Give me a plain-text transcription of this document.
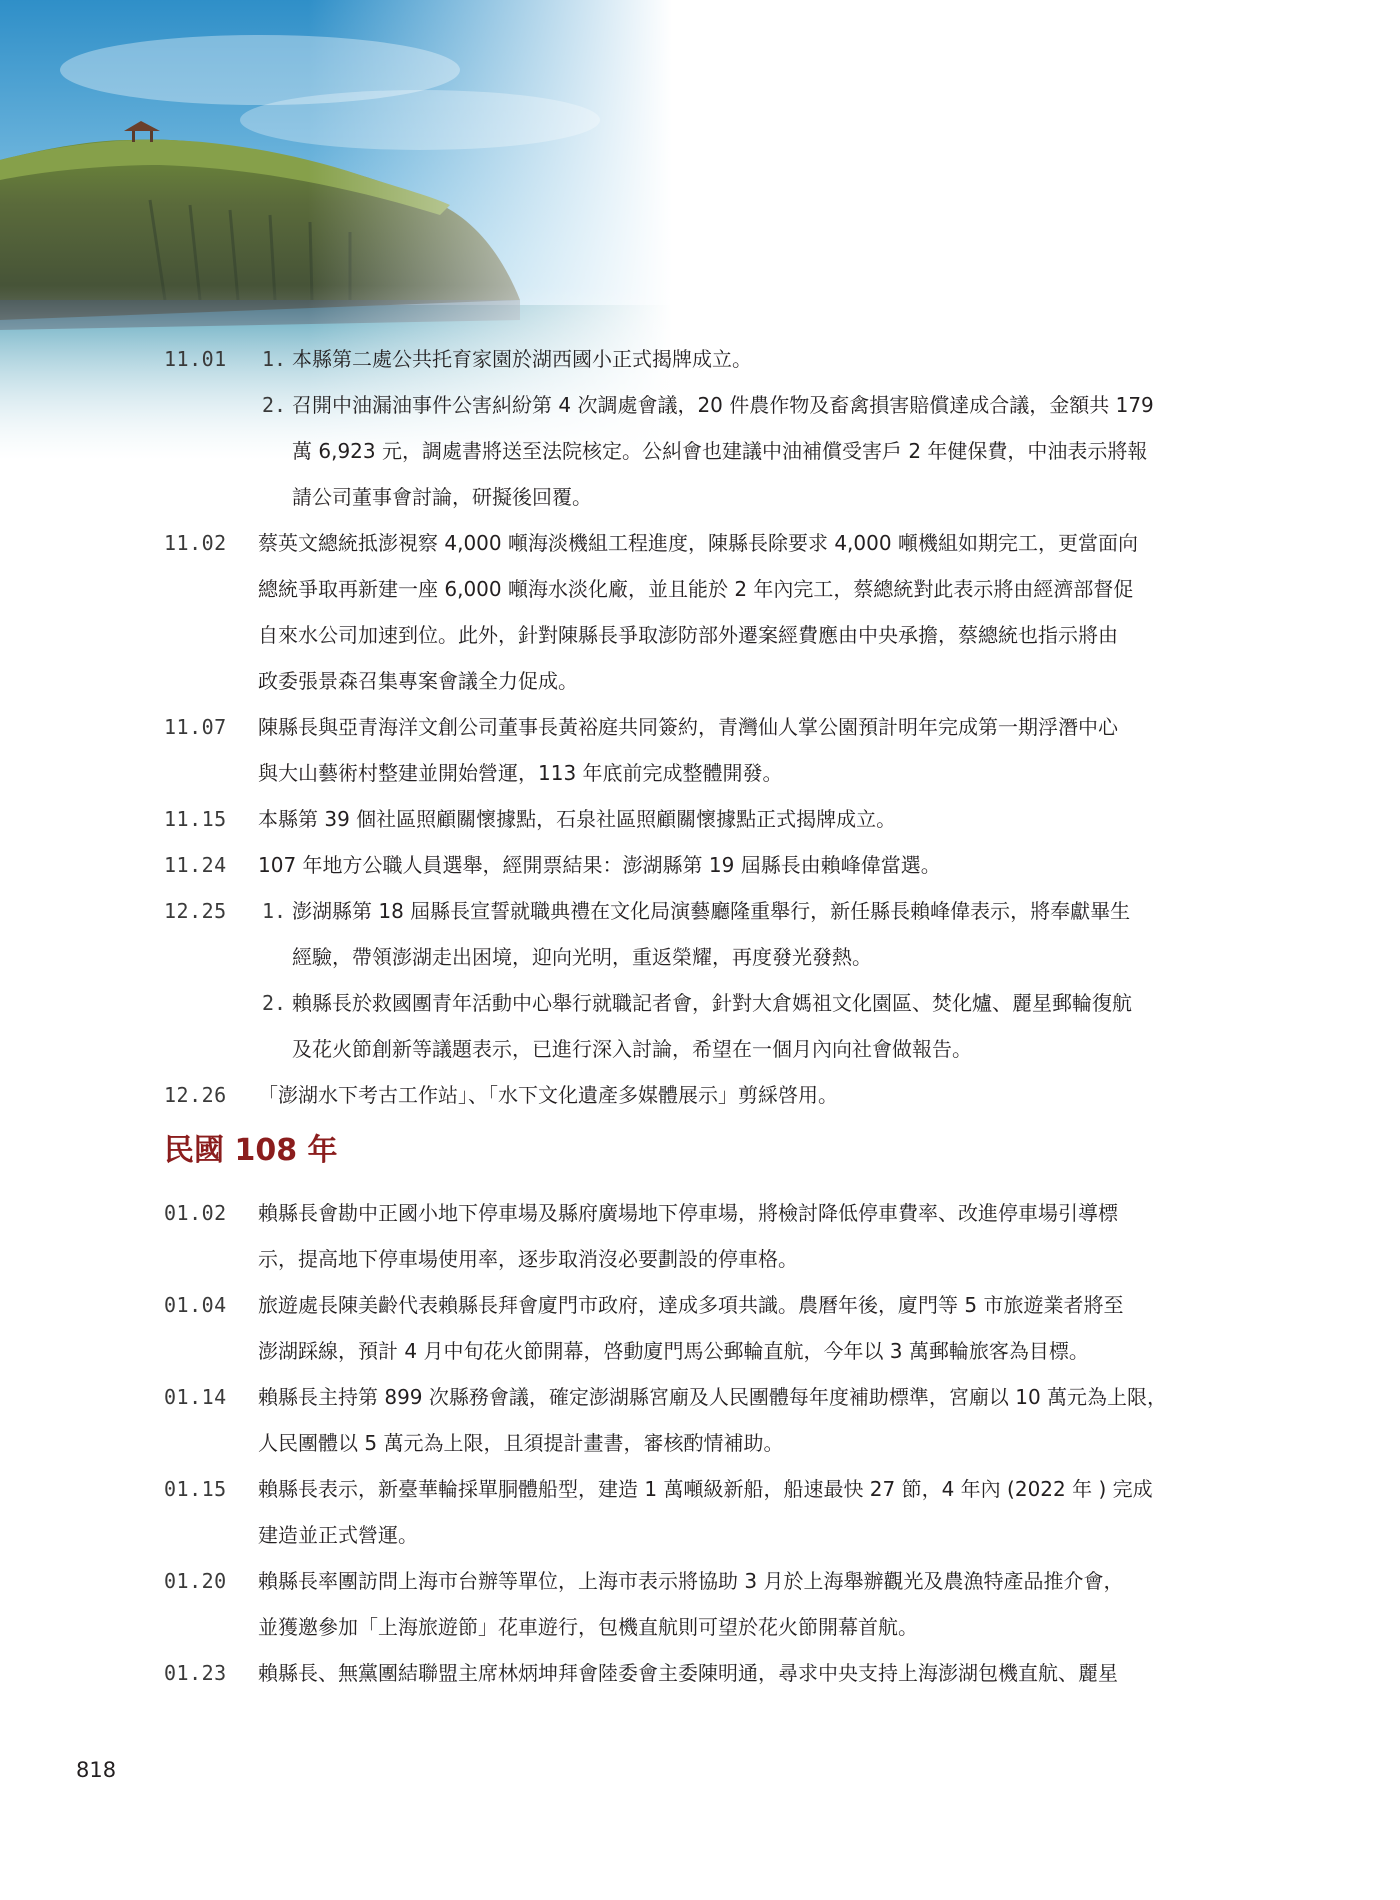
11.01 1. 本縣第二處公共托育家園於湖西國小正式揭牌成立。
2. 召開中油漏油事件公害糾紛第 4 次調處會議，20 件農作物及畜禽損害賠償達成合議，金額共 179
萬 6,923 元，調處書將送至法院核定。公糾會也建議中油補償受害戶 2 年健保費，中油表示將報
請公司董事會討論，研擬後回覆。
11.02 蔡英文總統抵澎視察 4,000 噸海淡機組工程進度，陳縣長除要求 4,000 噸機組如期完工，更當面向
總統爭取再新建一座 6,000 噸海水淡化廠，並且能於 2 年內完工，蔡總統對此表示將由經濟部督促
自來水公司加速到位。此外，針對陳縣長爭取澎防部外遷案經費應由中央承擔，蔡總統也指示將由
政委張景森召集專案會議全力促成。
11.07 陳縣長與亞青海洋文創公司董事長黃裕庭共同簽約，青灣仙人掌公園預計明年完成第一期浮潛中心
與大山藝術村整建並開始營運，113 年底前完成整體開發。
11.15 本縣第 39 個社區照顧關懷據點，石泉社區照顧關懷據點正式揭牌成立。
11.24 107 年地方公職人員選舉，經開票結果：澎湖縣第 19 屆縣長由賴峰偉當選。
12.25 1. 澎湖縣第 18 屆縣長宣誓就職典禮在文化局演藝廳隆重舉行，新任縣長賴峰偉表示，將奉獻畢生
經驗，帶領澎湖走出困境，迎向光明，重返榮耀，再度發光發熱。
2. 賴縣長於救國團青年活動中心舉行就職記者會，針對大倉媽祖文化園區、焚化爐、麗星郵輪復航
及花火節創新等議題表示，已進行深入討論，希望在一個月內向社會做報告。
12.26 「澎湖水下考古工作站」、「水下文化遺產多媒體展示」剪綵啓用。
01.02 賴縣長會勘中正國小地下停車場及縣府廣場地下停車場，將檢討降低停車費率、改進停車場引導標
示，提高地下停車場使用率，逐步取消沒必要劃設的停車格。
01.04 旅遊處長陳美齡代表賴縣長拜會廈門市政府，達成多項共識。農曆年後，廈門等 5 市旅遊業者將至
澎湖踩線，預計 4 月中旬花火節開幕，啓動廈門馬公郵輪直航，今年以 3 萬郵輪旅客為目標。
01.14 賴縣長主持第 899 次縣務會議，確定澎湖縣宮廟及人民團體每年度補助標準，宮廟以 10 萬元為上限，
人民團體以 5 萬元為上限，且須提計畫書，審核酌情補助。
01.15 賴縣長表示，新臺華輪採單胴體船型，建造 1 萬噸級新船，船速最快 27 節，4 年內 (2022 年 ) 完成
建造並正式營運。
01.20 賴縣長率團訪問上海市台辦等單位，上海市表示將協助 3 月於上海舉辦觀光及農漁特產品推介會，
並獲邀參加「上海旅遊節」花車遊行，包機直航則可望於花火節開幕首航。
01.23 賴縣長、無黨團結聯盟主席林炳坤拜會陸委會主委陳明通，尋求中央支持上海澎湖包機直航、麗星
民國 108 年
818
